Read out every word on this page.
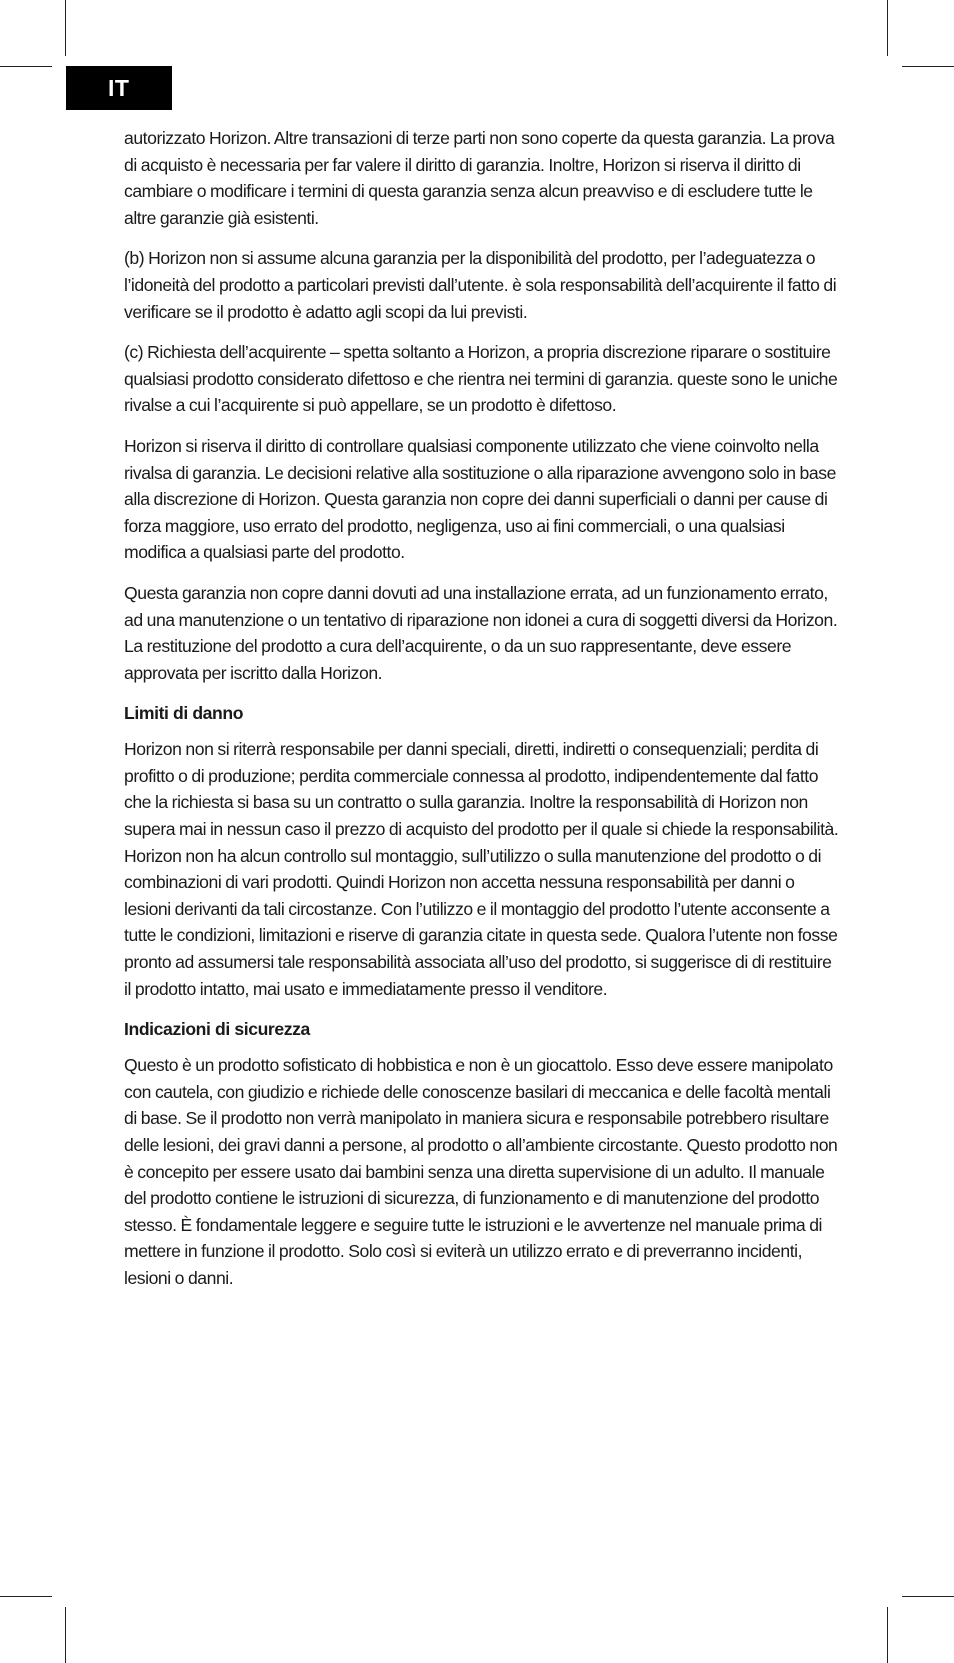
IT

autorizzato Horizon. Altre transazioni di terze parti non sono coperte da questa garanzia. La prova di acquisto è necessaria per far valere il diritto di garanzia. Inoltre, Horizon si riserva il diritto di cambiare o modificare i termini di questa garanzia senza alcun preavviso e di escludere tutte le altre garanzie già esistenti.

(b) Horizon non si assume alcuna garanzia per la disponibilità del prodotto, per l’adeguatezza o l’idoneità del prodotto a particolari previsti dall’utente. è sola responsabilità dell’acquirente il fatto di verificare se il prodotto è adatto agli scopi da lui previsti.

(c) Richiesta dell’acquirente – spetta soltanto a Horizon, a propria discrezione riparare o sostituire qualsiasi prodotto considerato difettoso e che rientra nei termini di garanzia. queste sono le uniche rivalse a cui l’acquirente si può appellare, se un prodotto è difettoso.

Horizon si riserva il diritto di controllare qualsiasi componente utilizzato che viene coinvolto nella rivalsa di garanzia. Le decisioni relative alla sostituzione o alla riparazione avvengono solo in base alla discrezione di Horizon. Questa garanzia non copre dei danni superficiali o danni per cause di forza maggiore, uso errato del prodotto, negligenza, uso ai fini commerciali, o una qualsiasi modifica a qualsiasi parte del prodotto.

Questa garanzia non copre danni dovuti ad una installazione errata, ad un funzionamento errato, ad una manutenzione o un tentativo di riparazione non idonei a cura di soggetti diversi da Horizon. La restituzione del prodotto a cura dell’acquirente, o da un suo rappresentante, deve essere approvata per iscritto dalla Horizon.

Limiti di danno

Horizon non si riterrà responsabile per danni speciali, diretti, indiretti o consequenziali; perdita di profitto o di produzione; perdita commerciale connessa al prodotto, indipendentemente dal fatto che la richiesta si basa su un contratto o sulla garanzia. Inoltre la responsabilità di Horizon non supera mai in nessun caso il prezzo di acquisto del prodotto per il quale si chiede la responsabilità. Horizon non ha alcun controllo sul montaggio, sull’utilizzo o sulla manutenzione del prodotto o di combinazioni di vari prodotti. Quindi Horizon non accetta nessuna responsabilità per danni o lesioni derivanti da tali circostanze. Con l’utilizzo e il montaggio del prodotto l’utente acconsente a tutte le condizioni, limitazioni e riserve di garanzia citate in questa sede. Qualora l’utente non fosse pronto ad assumersi tale responsabilità associata all’uso del prodotto, si suggerisce di di restituire il prodotto intatto, mai usato e immediatamente presso il venditore.

Indicazioni di sicurezza

Questo è un prodotto sofisticato di hobbistica e non è un giocattolo. Esso deve essere manipolato con cautela, con giudizio e richiede delle conoscenze basilari di meccanica e delle facoltà mentali di base. Se il prodotto non verrà manipolato in maniera sicura e responsabile potrebbero risultare delle lesioni, dei gravi danni a persone, al prodotto o all’ambiente circostante. Questo prodotto non è concepito per essere usato dai bambini senza una diretta supervisione di un adulto. Il manuale del prodotto contiene le istruzioni di sicurezza, di funzionamento e di manutenzione del prodotto stesso. È fondamentale leggere e seguire tutte le istruzioni e le avvertenze nel manuale prima di mettere in funzione il prodotto. Solo così si eviterà un utilizzo errato e di preverranno incidenti, lesioni o danni.
